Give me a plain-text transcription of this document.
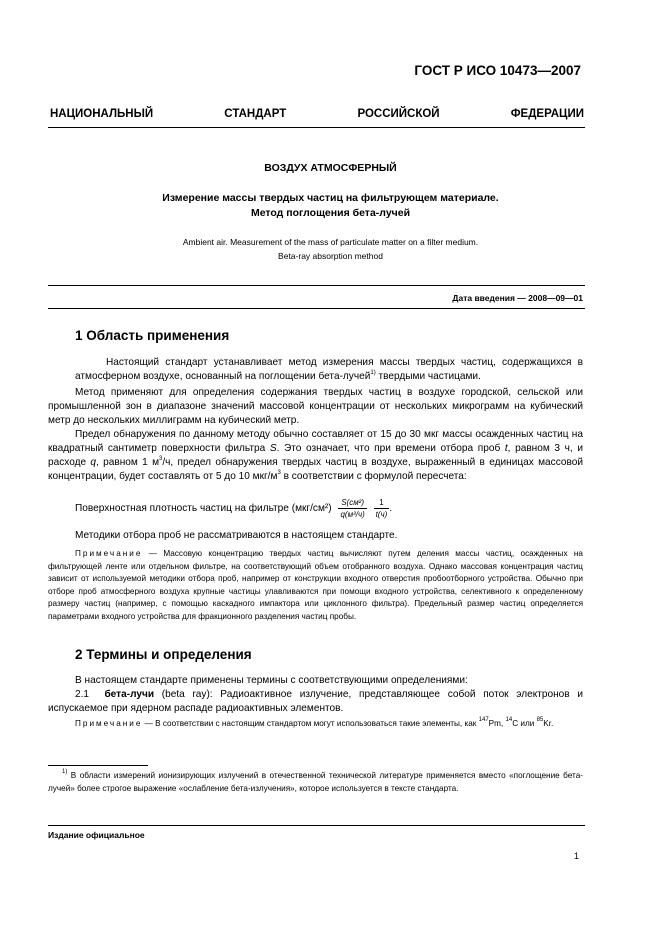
ГОСТ Р ИСО 10473—2007
НАЦИОНАЛЬНЫЙ	СТАНДАРТ	РОССИЙСКОЙ	ФЕДЕРАЦИИ
ВОЗДУХ АТМОСФЕРНЫЙ
Измерение массы твердых частиц на фильтрующем материале.
Метод поглощения бета-лучей
Ambient air. Measurement of the mass of particulate matter on a filter medium.
Beta-ray absorption method
Дата введения — 2008—09—01
1 Область применения

Настоящий стандарт устанавливает метод измерения массы твердых частиц, содержащихся в атмосферном воздухе, основанный на поглощении бета-лучей$^{1)}$ твердыми частицами.

Метод применяют для определения содержания твердых частиц в воздухе городской, сельской или промышленной зон в диапазоне значений массовой концентрации от нескольких микрограмм на кубический метр до нескольких миллиграмм на кубический метр.

Предел обнаружения по данному методу обычно составляет от 15 до 30 мкг массы осажденных частиц на квадратный сантиметр поверхности фильтра S. Это означает, что при времени отбора проб t, равном 3 ч, и расходе q, равном 1 $м^3/ч$, предел обнаружения твердых частиц в воздухе, выраженный в единицах массовой концентрации, будет составлять от 5 до 10 мкг/$м^3$ в соответствии с формулой пересчета:

Поверхностная плотность частиц на фильтре $(мкг/см^2) \frac{\text{S(см²)}}{\text{q(м³/ч)}}$
$\frac{1}{t(ч)}$ .

Методики отбора проб не рассматриваются в настоящем стандарте.

Примечание — Массовую концентрацию твердых частиц вычисляют путем деления массы частиц, осажденных на фильтрующей ленте или отдельном фильтре, на соответствующий объем отобранного воздуха. Однако массовая концентрация частиц зависит от используемой методики отбора проб, например от конструкции входного отверстия пробоотборного устройства. Обычно при отборе проб атмосферного воздуха крупные частицы улавливаются при помощи входного устройства, селективного к определенному размеру частиц (например, с помощью каскадного импактора или циклонного фильтра). Предельный размер частиц определяется параметрами входного устройства для фракционного разделения частиц пробы.

2 Термины и определения

В настоящем стандарте применены термины с соответствующими определениями:

2.1 бета-лучи (beta ray): Радиоактивное излучение, представляющее собой поток электронов и испускаемое при ядерном распаде радиоактивных элементов.

Примечание — В соответствии с настоящим стандартом могут использоваться такие элементы, как $^{147}$Pm, $^{14}$C или $^{85}$Kr.

$^{1)}$ В области измерений ионизирующих излучений в отечественной технической литературе применяется вместо «поглощение бета-лучей» более строгое выражение «ослабление бета-излучения», которое используется в тексте стандарта.

Издание официальное
1
